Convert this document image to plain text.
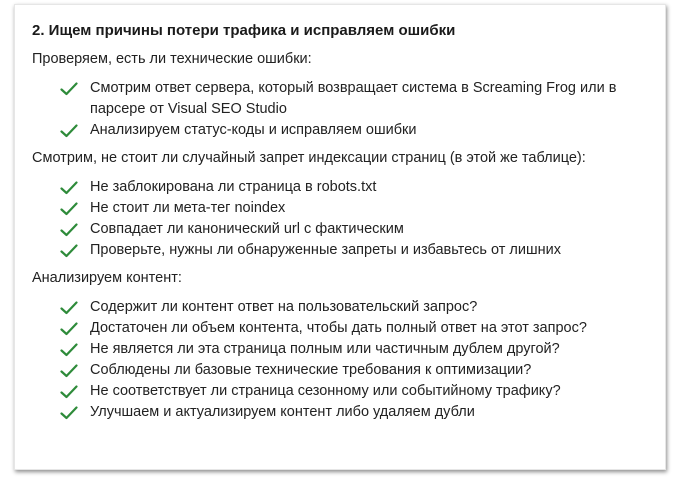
2. Ищем причины потери трафика и исправляем ошибки
Проверяем, есть ли технические ошибки:
Смотрим ответ сервера, который возвращает система в Screaming Frog или в парсере от Visual SEO Studio
Анализируем статус-коды и исправляем ошибки
Смотрим, не стоит ли случайный запрет индексации страниц (в этой же таблице):
Не заблокирована ли страница в robots.txt
Не стоит ли мета-тег noindex
Совпадает ли канонический url с фактическим
Проверьте, нужны ли обнаруженные запреты и избавьтесь от лишних
Анализируем контент:
Содержит ли контент ответ на пользовательский запрос?
Достаточен ли объем контента, чтобы дать полный ответ на этот запрос?
Не является ли эта страница полным или частичным дублем другой?
Соблюдены ли базовые технические требования к оптимизации?
Не соответствует ли страница сезонному или событийному трафику?
Улучшаем и актуализируем контент либо удаляем дубли
